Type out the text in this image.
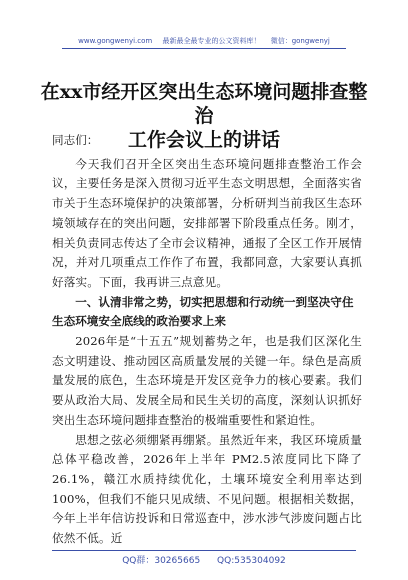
www.gongwenyi.com 最新最全最专业的公文资料库！ 微信：gongwenyj
在xx市经开区突出生态环境问题排查整治
工作会议上的讲话

同志们：

今天我们召开全区突出生态环境问题排查整治工作会议，主要任务是深入贯彻习近平生态文明思想，全面落实省市关于生态环境保护的决策部署，分析研判当前我区生态环境领域存在的突出问题，安排部署下阶段重点任务。刚才，相关负责同志传达了全市会议精神，通报了全区工作开展情况，并对几项重点工作作了布置，我都同意，大家要认真抓好落实。下面，我再讲三点意见。

一、认清非常之势，切实把思想和行动统一到坚决守住生态环境安全底线的政治要求上来

2026年是“十五五”规划蓄势之年，也是我们区深化生态文明建设、推动园区高质量发展的关键一年。绿色是高质量发展的底色，生态环境是开发区竞争力的核心要素。我们要从政治大局、发展全局和民生关切的高度，深刻认识抓好突出生态环境问题排查整治的极端重要性和紧迫性。

思想之弦必须绷紧再绷紧。虽然近年来，我区环境质量总体平稳改善，2026年上半年 PM2.5浓度同比下降了 26.1%，赣江水质持续优化，土壤环境安全利用率达到100%，但我们不能只见成绩、不见问题。根据相关数据，今年上半年信访投诉和日常巡查中，涉水涉气涉废问题占比依然不低。近

QQ群：30265665 QQ:535304092
